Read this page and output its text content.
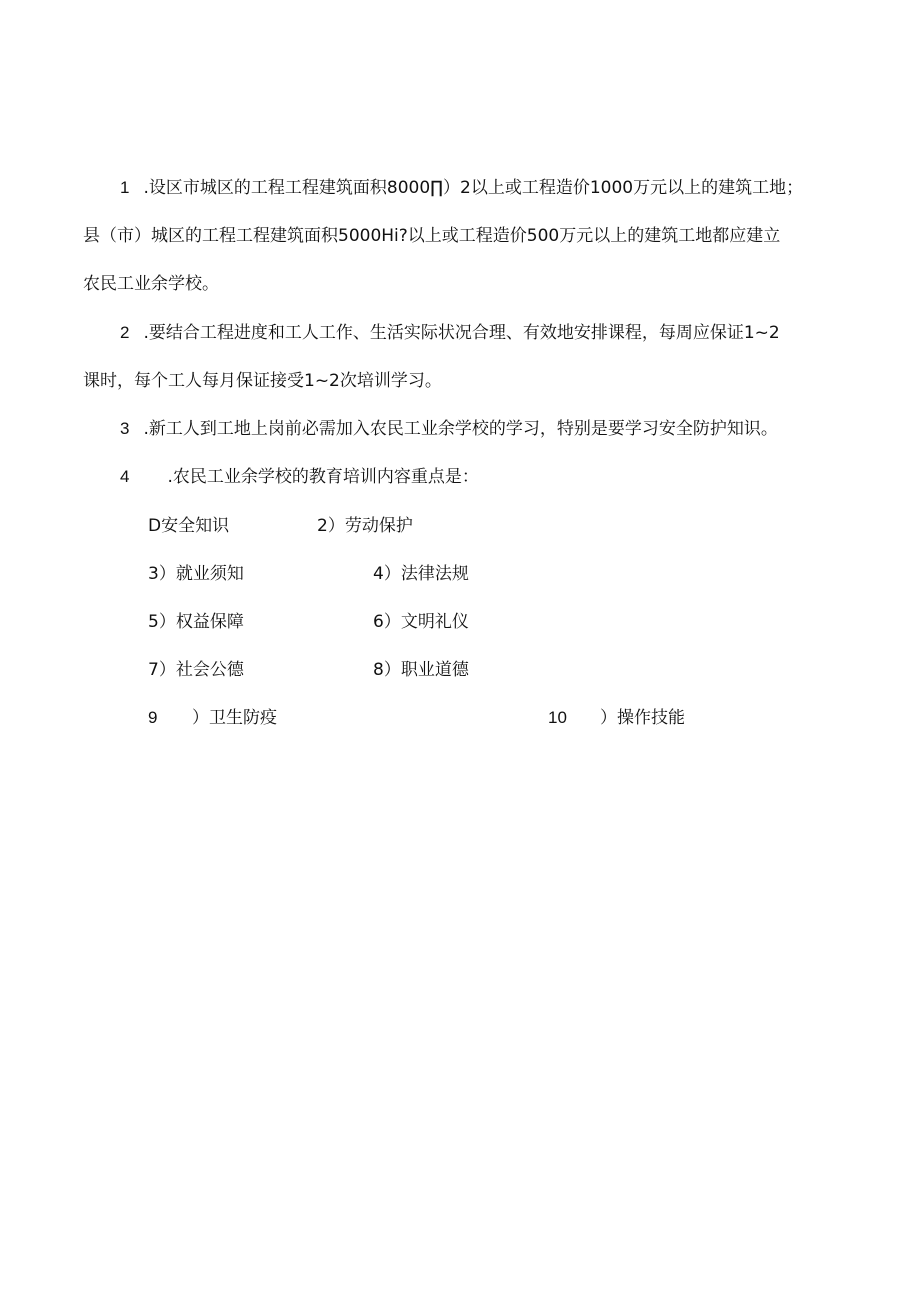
1 .设区市城区的工程工程建筑面积8000∏）2以上或工程造价1000万元以上的建筑工地；
县（市）城区的工程工程建筑面积5000Hi?以上或工程造价500万元以上的建筑工地都应建立
农民工业余学校。
2 .要结合工程进度和工人工作、生活实际状况合理、有效地安排课程，每周应保证1~2
课时，每个工人每月保证接受1~2次培训学习。
3 .新工人到工地上岗前必需加入农民工业余学校的学习，特别是要学习安全防护知识。
4 .农民工业余学校的教育培训内容重点是：
D安全知识	2）劳动保护
3）就业须知	4）法律法规
5）权益保障	6）文明礼仪
7）社会公德	8）职业道德
9 ）卫生防疫	10 ）操作技能
